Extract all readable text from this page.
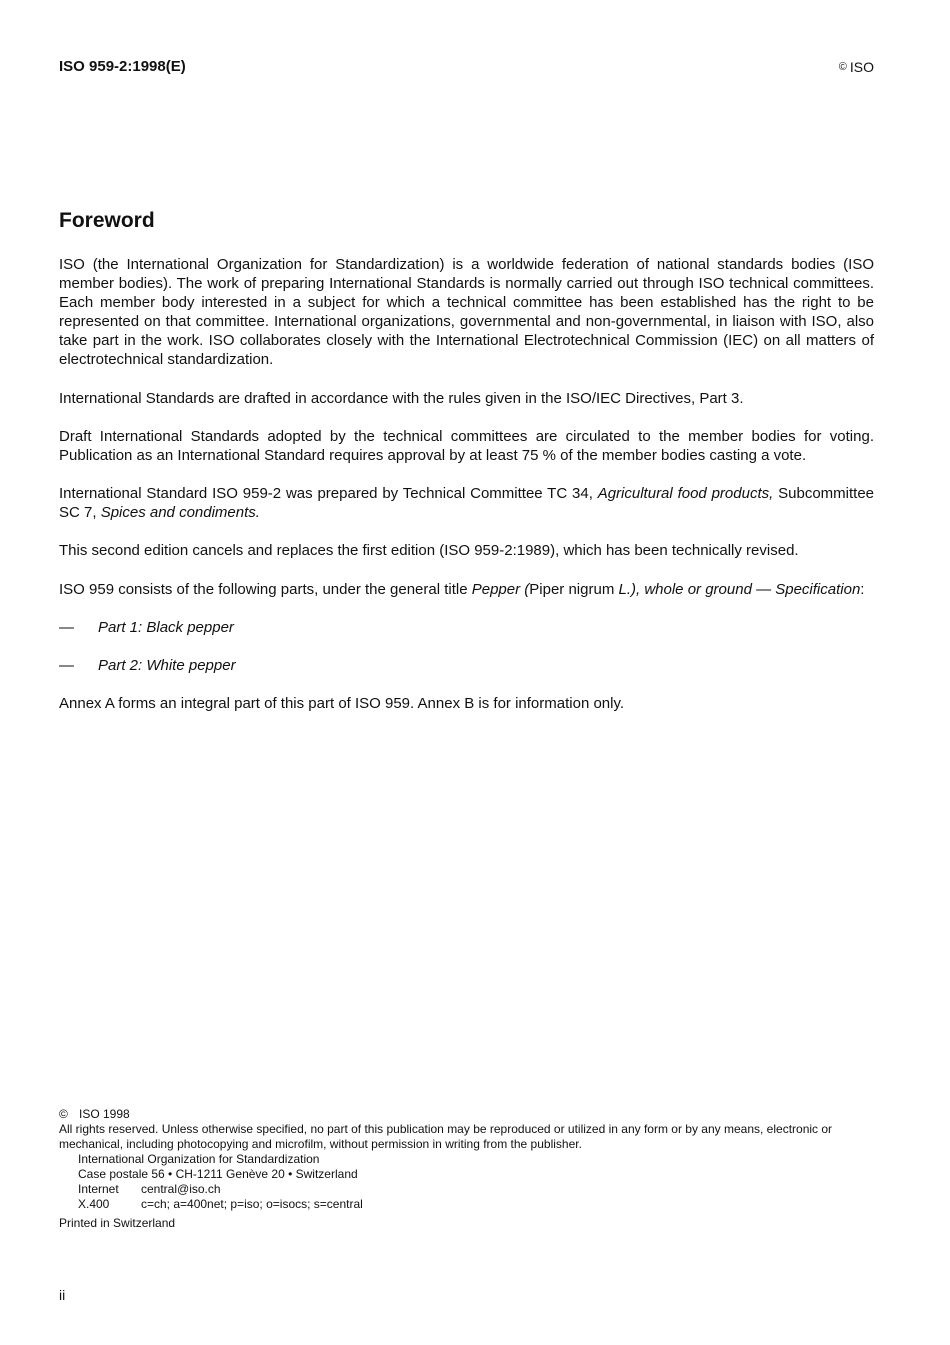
ISO 959-2:1998(E)	© ISO
Foreword

ISO (the International Organization for Standardization) is a worldwide federation of national standards bodies (ISO member bodies). The work of preparing International Standards is normally carried out through ISO technical committees. Each member body interested in a subject for which a technical committee has been established has the right to be represented on that committee. International organizations, governmental and non-governmental, in liaison with ISO, also take part in the work. ISO collaborates closely with the International Electrotechnical Commission (IEC) on all matters of electrotechnical standardization.

International Standards are drafted in accordance with the rules given in the ISO/IEC Directives, Part 3.

Draft International Standards adopted by the technical committees are circulated to the member bodies for voting. Publication as an International Standard requires approval by at least 75 % of the member bodies casting a vote.

International Standard ISO 959-2 was prepared by Technical Committee TC 34, Agricultural food products, Subcommittee SC 7, Spices and condiments.

This second edition cancels and replaces the first edition (ISO 959-2:1989), which has been technically revised.

ISO 959 consists of the following parts, under the general title Pepper (Piper nigrum L.), whole or ground — Specification:

—	Part 1: Black pepper
—	Part 2: White pepper

Annex A forms an integral part of this part of ISO 959. Annex B is for information only.

© ISO 1998
All rights reserved. Unless otherwise specified, no part of this publication may be reproduced or utilized in any form or by any means, electronic or mechanical, including photocopying and microfilm, without permission in writing from the publisher.
International Organization for Standardization
Case postale 56 • CH-1211 Genève 20 • Switzerland
Internet central@iso.ch
X.400	c=ch; a=400net; p=iso; o=isocs; s=central
Printed in Switzerland
ii
